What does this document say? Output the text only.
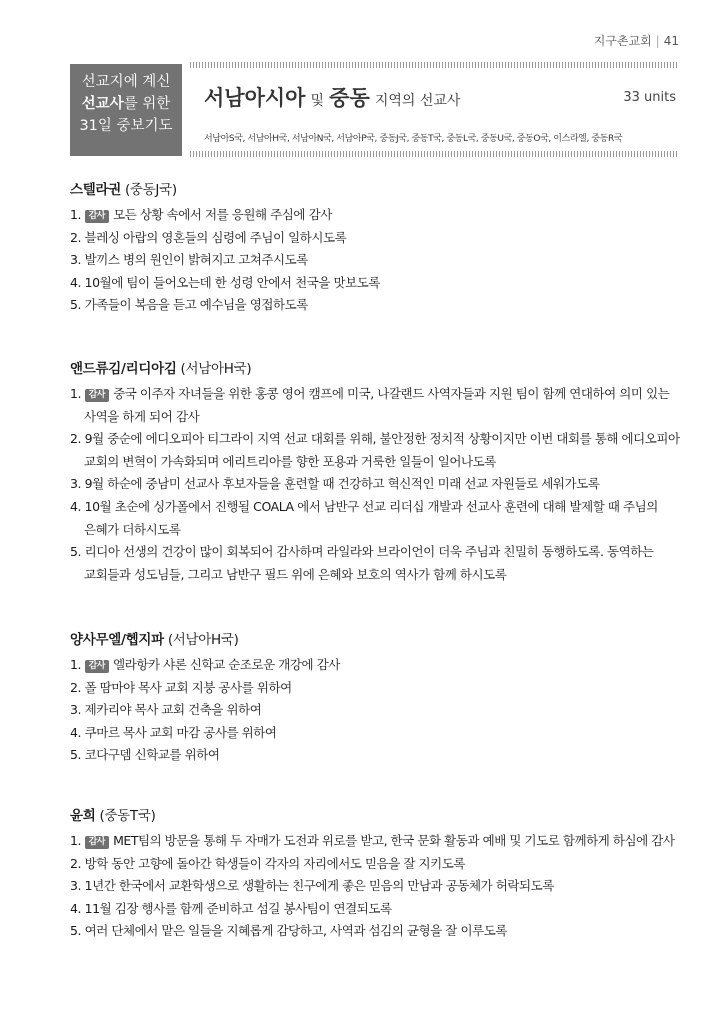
지구촌교회 | 41
선교지에 계신
선교사를 위한
31일 중보기도
서남아시아 및 중동 지역의 선교사	33 units
서남아S국, 서남아H국, 서남아N국, 서남아P국, 중동J국, 중동T국, 중동L국, 중동U국, 중동O국, 이스라엘, 중동R국
스텔라권 (중동J국)
1. 감사 모든 상황 속에서 저를 응원해 주심에 감사
2. 블레싱 아랍의 영혼들의 심령에 주님이 일하시도록
3. 발끼스 병의 원인이 밝혀지고 고쳐주시도록
4. 10월에 팀이 들어오는데 한 성령 안에서 천국을 맛보도록
5. 가족들이 복음을 듣고 예수님을 영접하도록
앤드류김/리디아김 (서남아H국)
1. 감사 중국 이주자 자녀들을 위한 홍콩 영어 캠프에 미국, 나갈랜드 사역자들과 지원 팀이 함께 연대하여 의미 있는
사역을 하게 되어 감사
2. 9월 중순에 에디오피아 티그라이 지역 선교 대회를 위해, 불안정한 정치적 상황이지만 이번 대회를 통해 에디오피아
교회의 변혁이 가속화되며 에리트리아를 향한 포용과 거룩한 일들이 일어나도록
3. 9월 하순에 중남미 선교사 후보자들을 훈련할 때 건강하고 혁신적인 미래 선교 자원들로 세워가도록
4. 10월 초순에 싱가폴에서 진행될 COALA 에서 남반구 선교 리더십 개발과 선교사 훈련에 대해 발제할 때 주님의
은혜가 더하시도록
5. 리디아 선생의 건강이 많이 회복되어 감사하며 라일라와 브라이언이 더욱 주님과 친밀히 동행하도록. 동역하는
교회들과 성도님들, 그리고 남반구 필드 위에 은혜와 보호의 역사가 함께 하시도록
양사무엘/헵지파 (서남아H국)
1. 감사 엘라항카 샤론 신학교 순조로운 개강에 감사
2. 폴 땀마야 목사 교회 지붕 공사를 위하여
3. 제카리야 목사 교회 건축을 위하여
4. 쿠마르 목사 교회 마감 공사를 위하여
5. 코다구뎀 신학교를 위하여
윤희 (중동T국)
1. 감사 MET팀의 방문을 통해 두 자매가 도전과 위로를 받고, 한국 문화 활동과 예배 및 기도로 함께하게 하심에 감사
2. 방학 동안 고향에 돌아간 학생들이 각자의 자리에서도 믿음을 잘 지키도록
3. 1년간 한국에서 교환학생으로 생활하는 친구에게 좋은 믿음의 만남과 공동체가 허락되도록
4. 11월 김장 행사를 함께 준비하고 섬길 봉사팀이 연결되도록
5. 여러 단체에서 맡은 일들을 지혜롭게 감당하고, 사역과 섬김의 균형을 잘 이루도록
